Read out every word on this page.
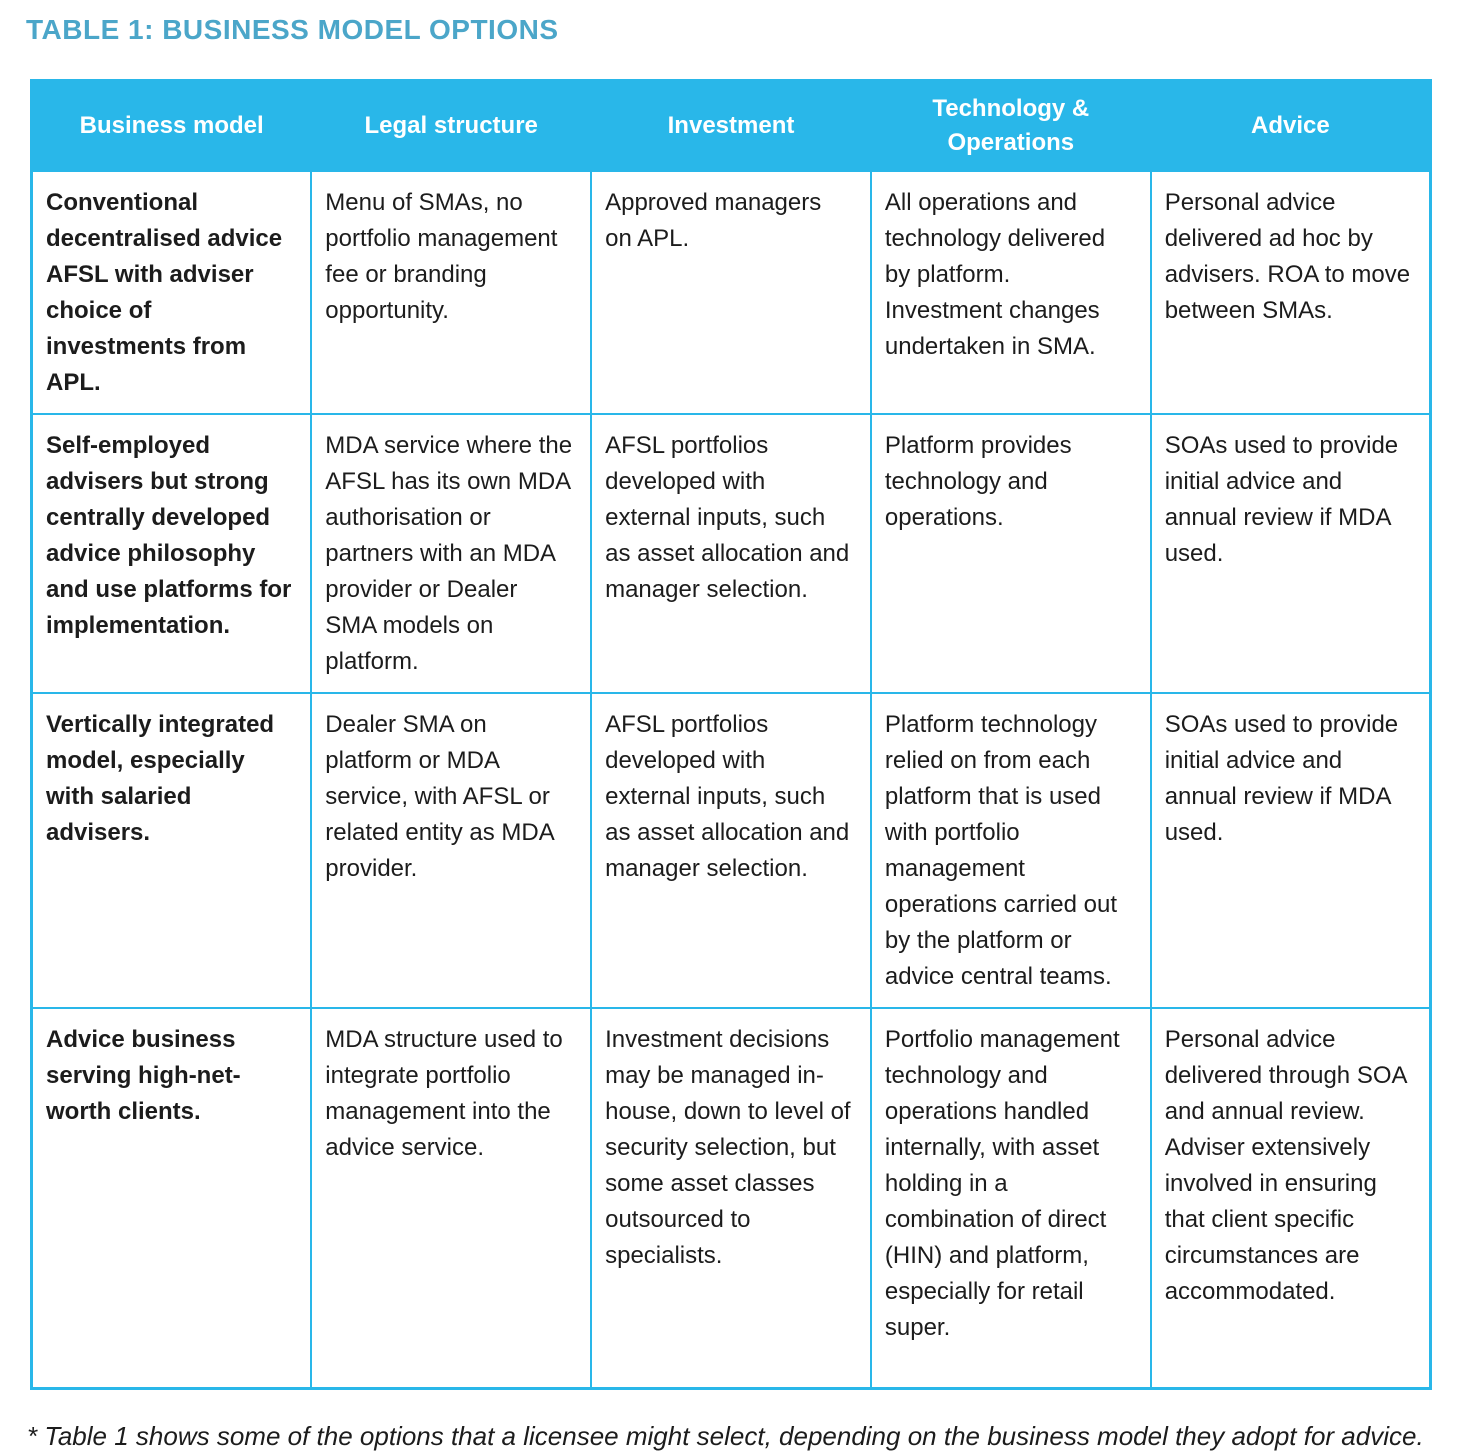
TABLE 1: BUSINESS MODEL OPTIONS
Business model	Legal structure	Investment	Technology & Operations	Advice
Conventional decentralised advice AFSL with adviser choice of investments from APL.	Menu of SMAs, no portfolio management fee or branding opportunity.	Approved managers on APL.	All operations and technology delivered by platform. Investment changes undertaken in SMA.	Personal advice delivered ad hoc by advisers. ROA to move between SMAs.
Self-employed advisers but strong centrally developed advice philosophy and use platforms for implementation.	MDA service where the AFSL has its own MDA authorisation or partners with an MDA provider or Dealer SMA models on platform.	AFSL portfolios developed with external inputs, such as asset allocation and manager selection.	Platform provides technology and operations.	SOAs used to provide initial advice and annual review if MDA used.
Vertically integrated model, especially with salaried advisers.	Dealer SMA on platform or MDA service, with AFSL or related entity as MDA provider.	AFSL portfolios developed with external inputs, such as asset allocation and manager selection.	Platform technology relied on from each platform that is used with portfolio management operations carried out by the platform or advice central teams.	SOAs used to provide initial advice and annual review if MDA used.
Advice business serving high-net-worth clients.	MDA structure used to integrate portfolio management into the advice service.	Investment decisions may be managed in-house, down to level of security selection, but some asset classes outsourced to specialists.	Portfolio management technology and operations handled internally, with asset holding in a combination of direct (HIN) and platform, especially for retail super.	Personal advice delivered through SOA and annual review. Adviser extensively involved in ensuring that client specific circumstances are accommodated.
* Table 1 shows some of the options that a licensee might select, depending on the business model they adopt for advice.
